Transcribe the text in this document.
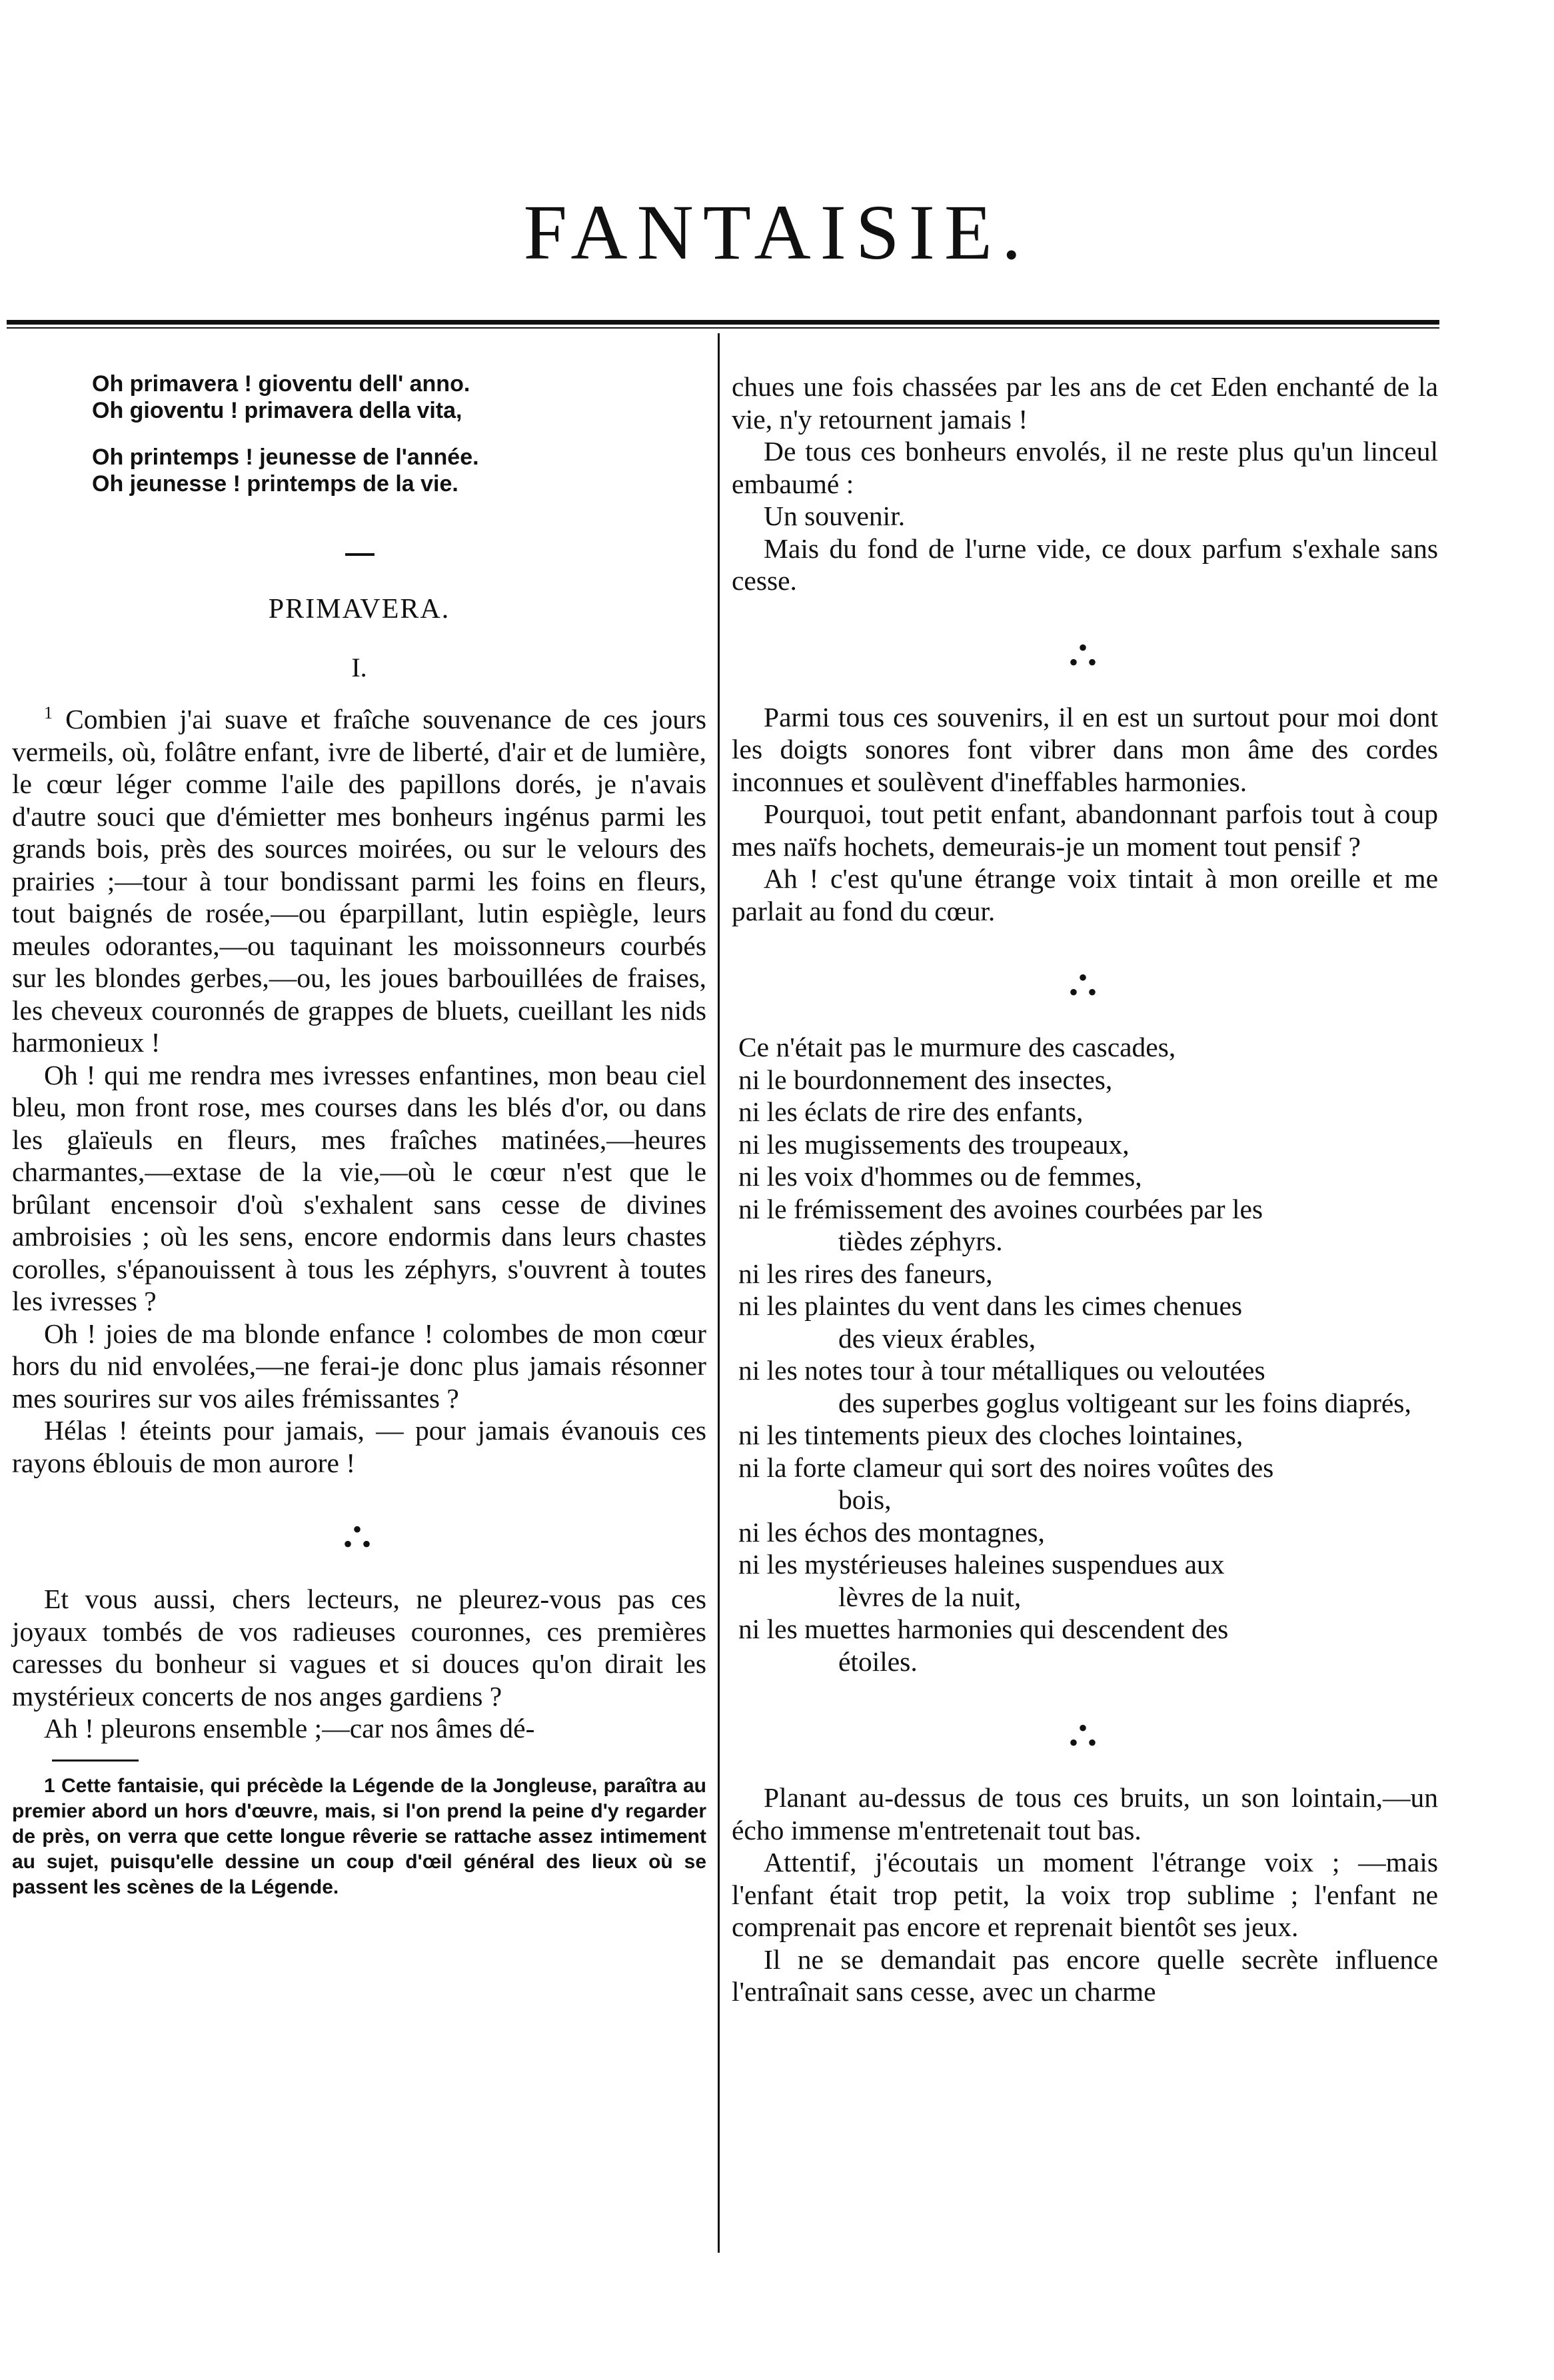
FANTAISIE.
Oh primavera ! gioventu dell' anno.
Oh gioventu ! primavera della vita,
Oh printemps ! jeunesse de l'année.
Oh jeunesse ! printemps de la vie.
PRIMAVERA.
I.

$^1$ Combien j'ai suave et fraîche souvenance de ces jours vermeils, où, folâtre enfant, ivre de liberté, d'air et de lumière, le cœur léger comme l'aile des papillons dorés, je n'avais d'autre souci que d'émietter mes bonheurs ingénus parmi les grands bois, près des sources moirées, ou sur le velours des prairies ;—tour à tour bondissant parmi les foins en fleurs, tout baignés de rosée,—ou éparpillant, lutin espiègle, leurs meules odorantes,—ou taquinant les moissonneurs courbés sur les blondes gerbes,—ou, les joues barbouillées de fraises, les cheveux couronnés de grappes de bluets, cueillant les nids harmonieux !

Oh ! qui me rendra mes ivresses enfantines, mon beau ciel bleu, mon front rose, mes courses dans les blés d'or, ou dans les glaïeuls en fleurs, mes fraîches matinées,—heures charmantes,—extase de la vie,—où le cœur n'est que le brûlant encensoir d'où s'exhalent sans cesse de divines ambroisies ; où les sens, encore endormis dans leurs chastes corolles, s'épanouissent à tous les zéphyrs, s'ouvrent à toutes les ivresses ?

Oh ! joies de ma blonde enfance ! colombes de mon cœur hors du nid envolées,—ne ferai-je donc plus jamais résonner mes sourires sur vos ailes frémissantes ?

Hélas ! éteints pour jamais, — pour jamais évanouis ces rayons éblouis de mon aurore !

•
• •

Et vous aussi, chers lecteurs, ne pleurez-vous pas ces joyaux tombés de vos radieuses couronnes, ces premières caresses du bonheur si vagues et si douces qu'on dirait les mystérieux concerts de nos anges gardiens ?

Ah ! pleurons ensemble ;—car nos âmes dé-

1 Cette fantaisie, qui précède la Légende de la Jongleuse, paraîtra au premier abord un hors d'œuvre, mais, si l'on prend la peine d'y regarder de près, on verra que cette longue rêverie se rattache assez intimement au sujet, puisqu'elle dessine un coup d'œil général des lieux où se passent les scènes de la Légende.

chues une fois chassées par les ans de cet Eden enchanté de la vie, n'y retournent jamais !

De tous ces bonheurs envolés, il ne reste plus qu'un linceul embaumé :

Un souvenir.

Mais du fond de l'urne vide, ce doux parfum s'exhale sans cesse.

•
• •

Parmi tous ces souvenirs, il en est un surtout pour moi dont les doigts sonores font vibrer dans mon âme des cordes inconnues et soulèvent d'ineffables harmonies.

Pourquoi, tout petit enfant, abandonnant parfois tout à coup mes naïfs hochets, demeurais-je un moment tout pensif ?

Ah ! c'est qu'une étrange voix tintait à mon oreille et me parlait au fond du cœur.

•
• •

Ce n'était pas le murmure des cascades,

ni le bourdonnement des insectes,

ni les éclats de rire des enfants,

ni les mugissements des troupeaux,

ni les voix d'hommes ou de femmes,

ni le frémissement des avoines courbées par les
tièdes zéphyrs.

ni les rires des faneurs,

ni les plaintes du vent dans les cimes chenues
des vieux érables,

ni les notes tour à tour métalliques ou veloutées
des superbes goglus voltigeant sur les foins diaprés,

ni les tintements pieux des cloches lointaines,

ni la forte clameur qui sort des noires voûtes des
bois,

ni les échos des montagnes,

ni les mystérieuses haleines suspendues aux
lèvres de la nuit,

ni les muettes harmonies qui descendent des
étoiles.

•
• •

Planant au-dessus de tous ces bruits, un son lointain,—un écho immense m'entretenait tout bas.

Attentif, j'écoutais un moment l'étrange voix ; —mais l'enfant était trop petit, la voix trop sublime ; l'enfant ne comprenait pas encore et reprenait bientôt ses jeux.

Il ne se demandait pas encore quelle secrète influence l'entraînait sans cesse, avec un charme
